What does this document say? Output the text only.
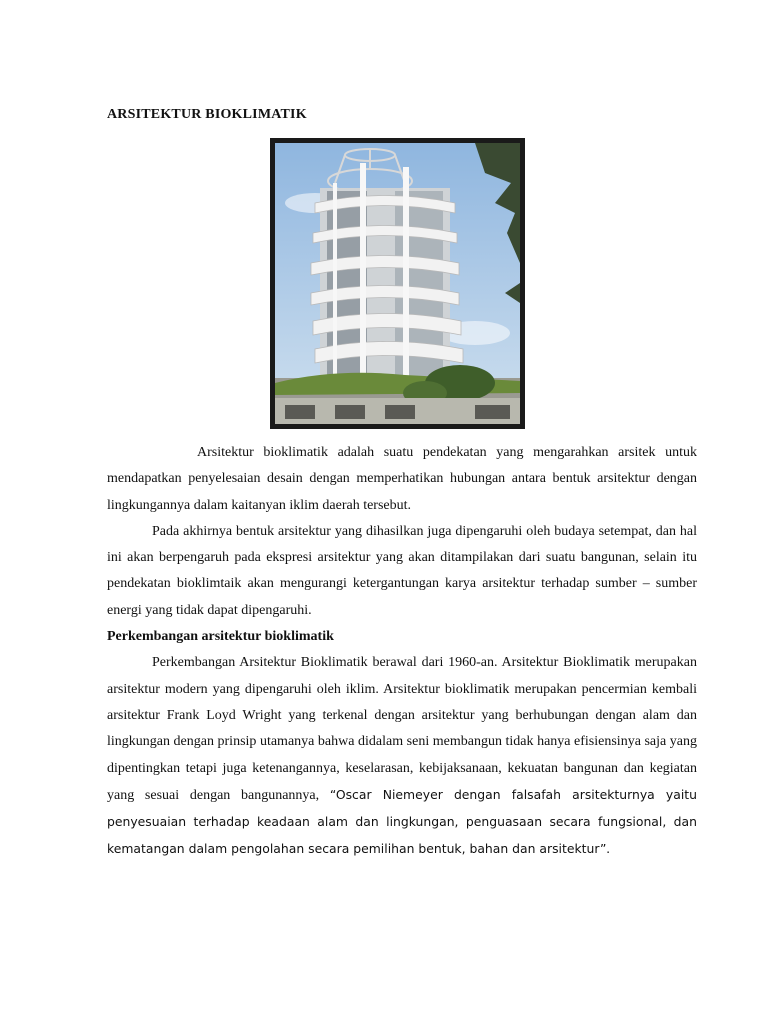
ARSITEKTUR BIOKLIMATIK

Arsitektur bioklimatik adalah suatu pendekatan yang mengarahkan arsitek untuk mendapatkan penyelesaian desain dengan memperhatikan hubungan antara bentuk arsitektur dengan lingkungannya dalam kaitanyan iklim daerah tersebut.

Pada akhirnya bentuk arsitektur yang dihasilkan juga dipengaruhi oleh budaya setempat, dan hal ini akan berpengaruh pada ekspresi arsitektur yang akan ditampilakan dari suatu bangunan, selain itu pendekatan bioklimtaik akan mengurangi ketergantungan karya arsitektur terhadap sumber – sumber energi yang tidak dapat dipengaruhi.

Perkembangan arsitektur bioklimatik

Perkembangan Arsitektur Bioklimatik berawal dari 1960-an. Arsitektur Bioklimatik merupakan arsitektur modern yang dipengaruhi oleh iklim. Arsitektur bioklimatik merupakan pencermian kembali arsitektur Frank Loyd Wright yang terkenal dengan arsitektur yang berhubungan dengan alam dan lingkungan dengan prinsip utamanya bahwa didalam seni membangun tidak hanya efisiensinya saja yang dipentingkan tetapi juga ketenangannya, keselarasan, kebijaksanaan, kekuatan bangunan dan kegiatan yang sesuai dengan bangunannya, “Oscar Niemeyer dengan falsafah arsitekturnya yaitu penyesuaian terhadap keadaan alam dan lingkungan, penguasaan secara fungsional, dan kematangan dalam pengolahan secara pemilihan bentuk, bahan dan arsitektur”.
